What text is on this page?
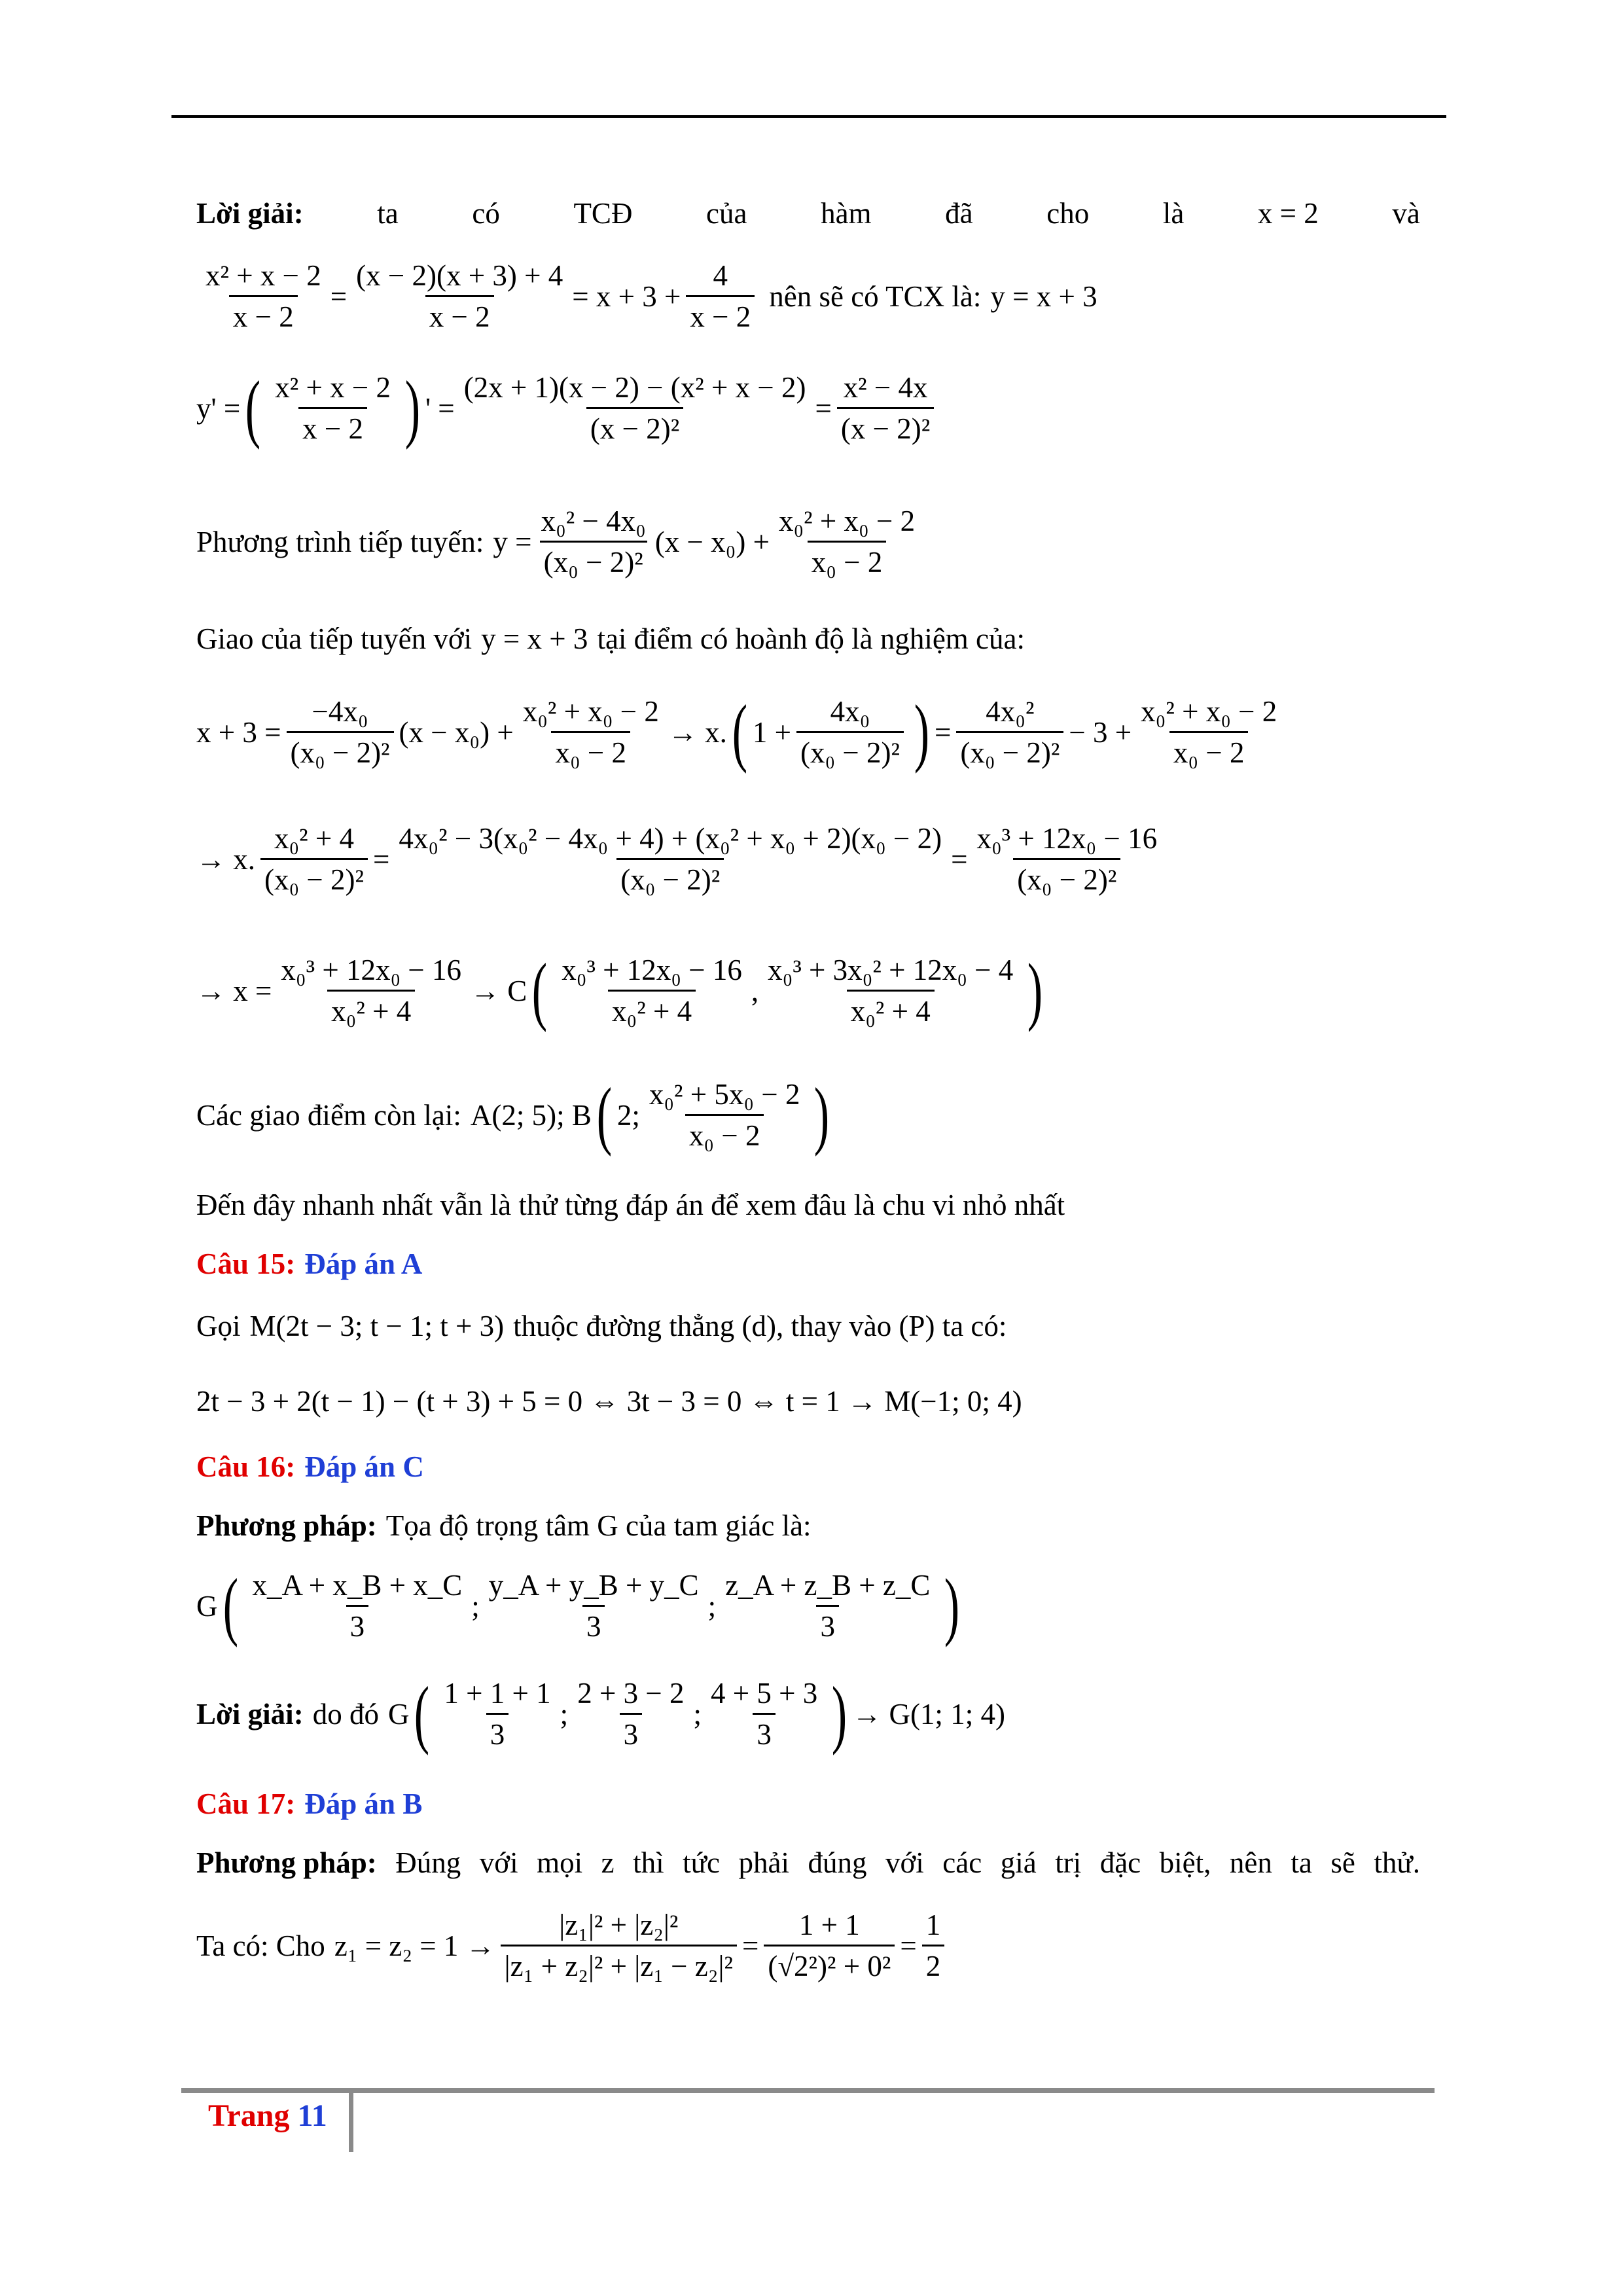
Lời giải:	ta	có	TCĐ	của	hàm	đã	cho	là	x = 2	và
$\frac{\text{x² + x − 2}}{x - 2} = \frac{(x - 2)(x + 3) + 4}{x - 2} = x + 3 + \frac{4}{x - 2}$ nên sẽ có TCX là: y = x + 3
y' = ( $\frac{\text{x² + x − 2}}{x - 2}$ ) ' = $\frac{\text{(2x + 1)(x − 2) − (x² + x − 2)}}{\text{(x − 2)²}} = \frac{\text{x² − 4x}}{\text{(x − 2)²}}$
Phương trình tiếp tuyến: $y = \frac{\text{x₀² − 4x₀}}{\text{(x₀ − 2)²}} (x - x_0) + \frac{\text{x₀² + x₀ − 2}}{\text{x₀ − 2}}$
Giao của tiếp tuyến với y = x + 3 tại điểm có hoành độ là nghiệm của:
$x + 3 = \frac{\text{−4x₀}}{\text{(x₀ − 2)²}} (x - x_0) + \frac{\text{x₀² + x₀ − 2}}{\text{x₀ − 2}} \to x$. ( $1 + \frac{\text{4x₀}}{\text{(x₀ − 2)²}}$ ) = $\frac{\text{4x₀²}}{\text{(x₀ − 2)²}} - 3 + \frac{\text{x₀² + x₀ − 2}}{\text{x₀ − 2}}$
→ x. $\frac{\text{x₀² + 4}}{\text{(x₀ − 2)²}} = \frac{\text{4x₀² − 3(x₀² − 4x₀ + 4) + (x₀² + x₀ + 2)(x₀ − 2)}}{\text{(x₀ − 2)²}} = \frac{\text{x₀³ + 12x₀ − 16}}{\text{(x₀ − 2)²}}$
→ $x = \frac{\text{x₀³ + 12x₀ − 16}}{\text{x₀² + 4}} \to C$ ( $\frac{\text{x₀³ + 12x₀ − 16}}{\text{x₀² + 4}}$ , $\frac{\text{x₀³ + 3x₀² + 12x₀ − 4}}{\text{x₀² + 4}}$ )
Các giao điểm còn lại: A(2; 5); B ( 2; $\frac{\text{x₀² + 5x₀ − 2}}{\text{x₀ − 2}}$ )
Đến đây nhanh nhất vẫn là thử từng đáp án để xem đâu là chu vi nhỏ nhất
Câu 15: Đáp án A
Gọi M(2t − 3; t − 1; t + 3) thuộc đường thẳng (d), thay vào (P) ta có:
2t − 3 + 2(t − 1) − (t + 3) + 5 = 0 ⇔ 3t − 3 = 0 ⇔ t = 1 → M(−1; 0; 4)
Câu 16: Đáp án C
Phương pháp: Tọa độ trọng tâm G của tam giác là:
G ( $\frac{x\_A + x\_B + x\_C}{3}$ ; $\frac{y\_A + y\_B + y\_C}{3}$ ; $\frac{z\_A + z\_B + z\_C}{3}$ )
Lời giải: do đó G ( $\frac{1 + 1 + 1}{3}$ ; $\frac{2 + 3 - 2}{3}$ ; $\frac{4 + 5 + 3}{3}$ ) → G(1; 1; 4)
Câu 17: Đáp án B
Phương pháp: Đúng với mọi z thì tức phải đúng với các giá trị đặc biệt, nên ta sẽ thử.
Ta có: Cho $z_1 = z_2 = 1 \to \frac{\text{|z₁|² + |z₂|²}}{\text{|z₁ + z₂|² + |z₁ − z₂|²}} = \frac{1 + 1}{\text{(√2²)² + 0²}} = \frac{1}{2}$
Trang 11
